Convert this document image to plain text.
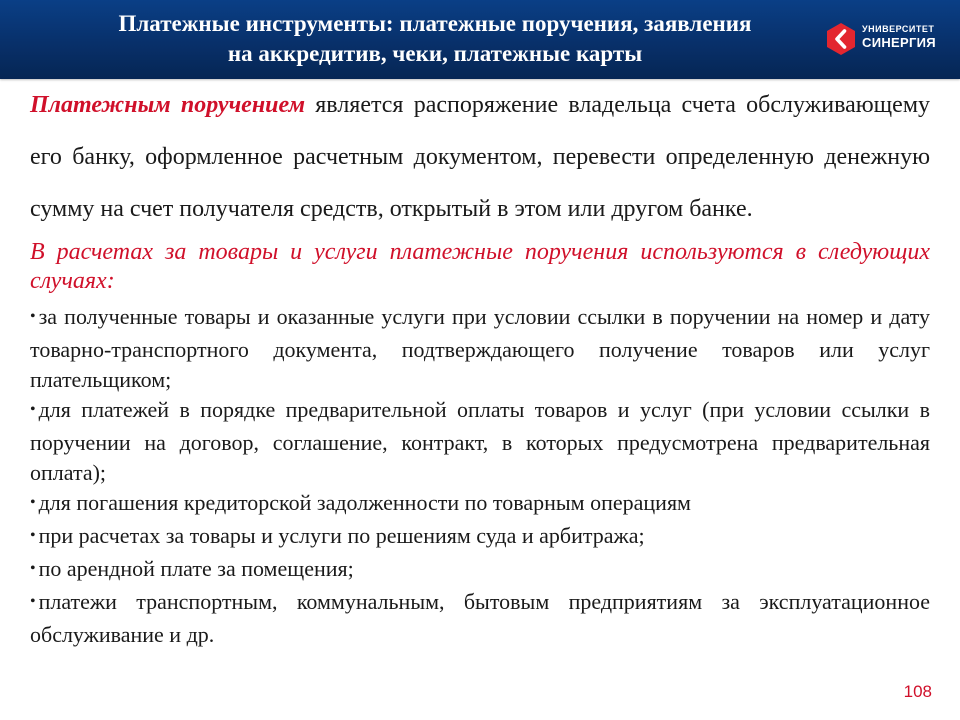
Платежные инструменты: платежные поручения, заявления
на аккредитив, чеки, платежные карты
УНИВЕРСИТЕТ
СИНЕРГИЯ

Платежным поручением является распоряжение владельца счета обслуживающему его банку, оформленное расчетным документом, перевести определенную денежную сумму на счет получателя средств, открытый в этом или другом банке.

В расчетах за товары и услуги платежные поручения используются в следующих случаях:

• за полученные товары и оказанные услуги при условии ссылки в поручении на номер и дату товарно-транспортного документа, подтверждающего получение товаров или услуг плательщиком;
• для платежей в порядке предварительной оплаты товаров и услуг (при условии ссылки в поручении на договор, соглашение, контракт, в которых предусмотрена предварительная оплата);
• для погашения кредиторской задолженности по товарным операциям
• при расчетах за товары и услуги по решениям суда и арбитража;
• по арендной плате за помещения;
• платежи транспортным, коммунальным, бытовым предприятиям за эксплуатационное обслуживание и др.
108
